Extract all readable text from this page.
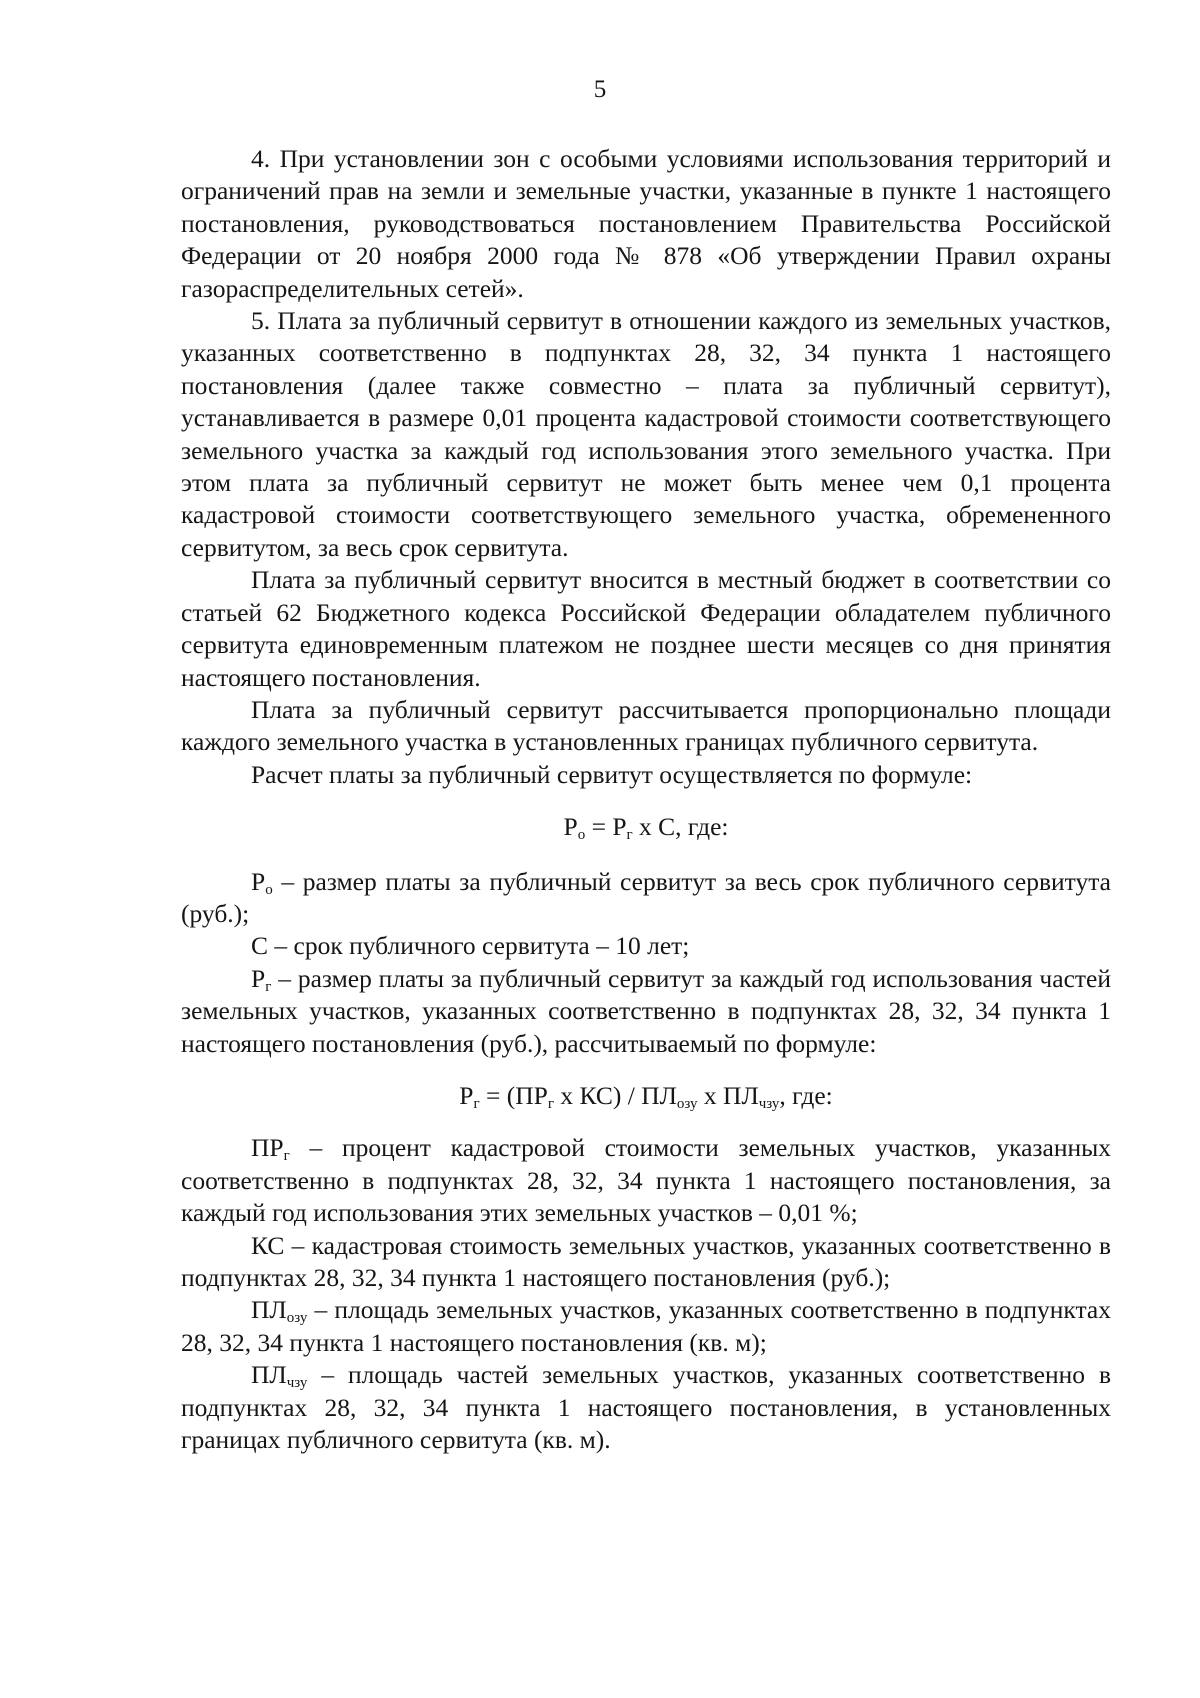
5

4. При установлении зон с особыми условиями использования территорий и ограничений прав на земли и земельные участки, указанные в пункте 1 настоящего постановления, руководствоваться постановлением Правительства Российской Федерации от 20 ноября 2000 года № 878 «Об утверждении Правил охраны газораспределительных сетей».

5. Плата за публичный сервитут в отношении каждого из земельных участков, указанных соответственно в подпунктах 28, 32, 34 пункта 1 настоящего постановления (далее также совместно – плата за публичный сервитут), устанавливается в размере 0,01 процента кадастровой стоимости соответствующего земельного участка за каждый год использования этого земельного участка. При этом плата за публичный сервитут не может быть менее чем 0,1 процента кадастровой стоимости соответствующего земельного участка, обремененного сервитутом, за весь срок сервитута.

Плата за публичный сервитут вносится в местный бюджет в соответствии со статьей 62 Бюджетного кодекса Российской Федерации обладателем публичного сервитута единовременным платежом не позднее шести месяцев со дня принятия настоящего постановления.

Плата за публичный сервитут рассчитывается пропорционально площади каждого земельного участка в установленных границах публичного сервитута.

Расчет платы за публичный сервитут осуществляется по формуле:

$Р_о = Р_г$ х С, где:

$Р_о$ – размер платы за публичный сервитут за весь срок публичного сервитута (руб.);

С – срок публичного сервитута – 10 лет;

$Р_г$ – размер платы за публичный сервитут за каждый год использования частей земельных участков, указанных соответственно в подпунктах 28, 32, 34 пункта 1 настоящего постановления (руб.), рассчитываемый по формуле:

$Р_г = (ПР_г$ х $КС) / ПЛ_{озу}$ х $ПЛ_{чзу}$, где:

$ПР_г$ – процент кадастровой стоимости земельных участков, указанных соответственно в подпунктах 28, 32, 34 пункта 1 настоящего постановления, за каждый год использования этих земельных участков – 0,01 %;

КС – кадастровая стоимость земельных участков, указанных соответственно в подпунктах 28, 32, 34 пункта 1 настоящего постановления (руб.);

$ПЛ_{озу}$ – площадь земельных участков, указанных соответственно в подпунктах 28, 32, 34 пункта 1 настоящего постановления (кв. м);

$ПЛ_{чзу}$ – площадь частей земельных участков, указанных соответственно в подпунктах 28, 32, 34 пункта 1 настоящего постановления, в установленных границах публичного сервитута (кв. м).
